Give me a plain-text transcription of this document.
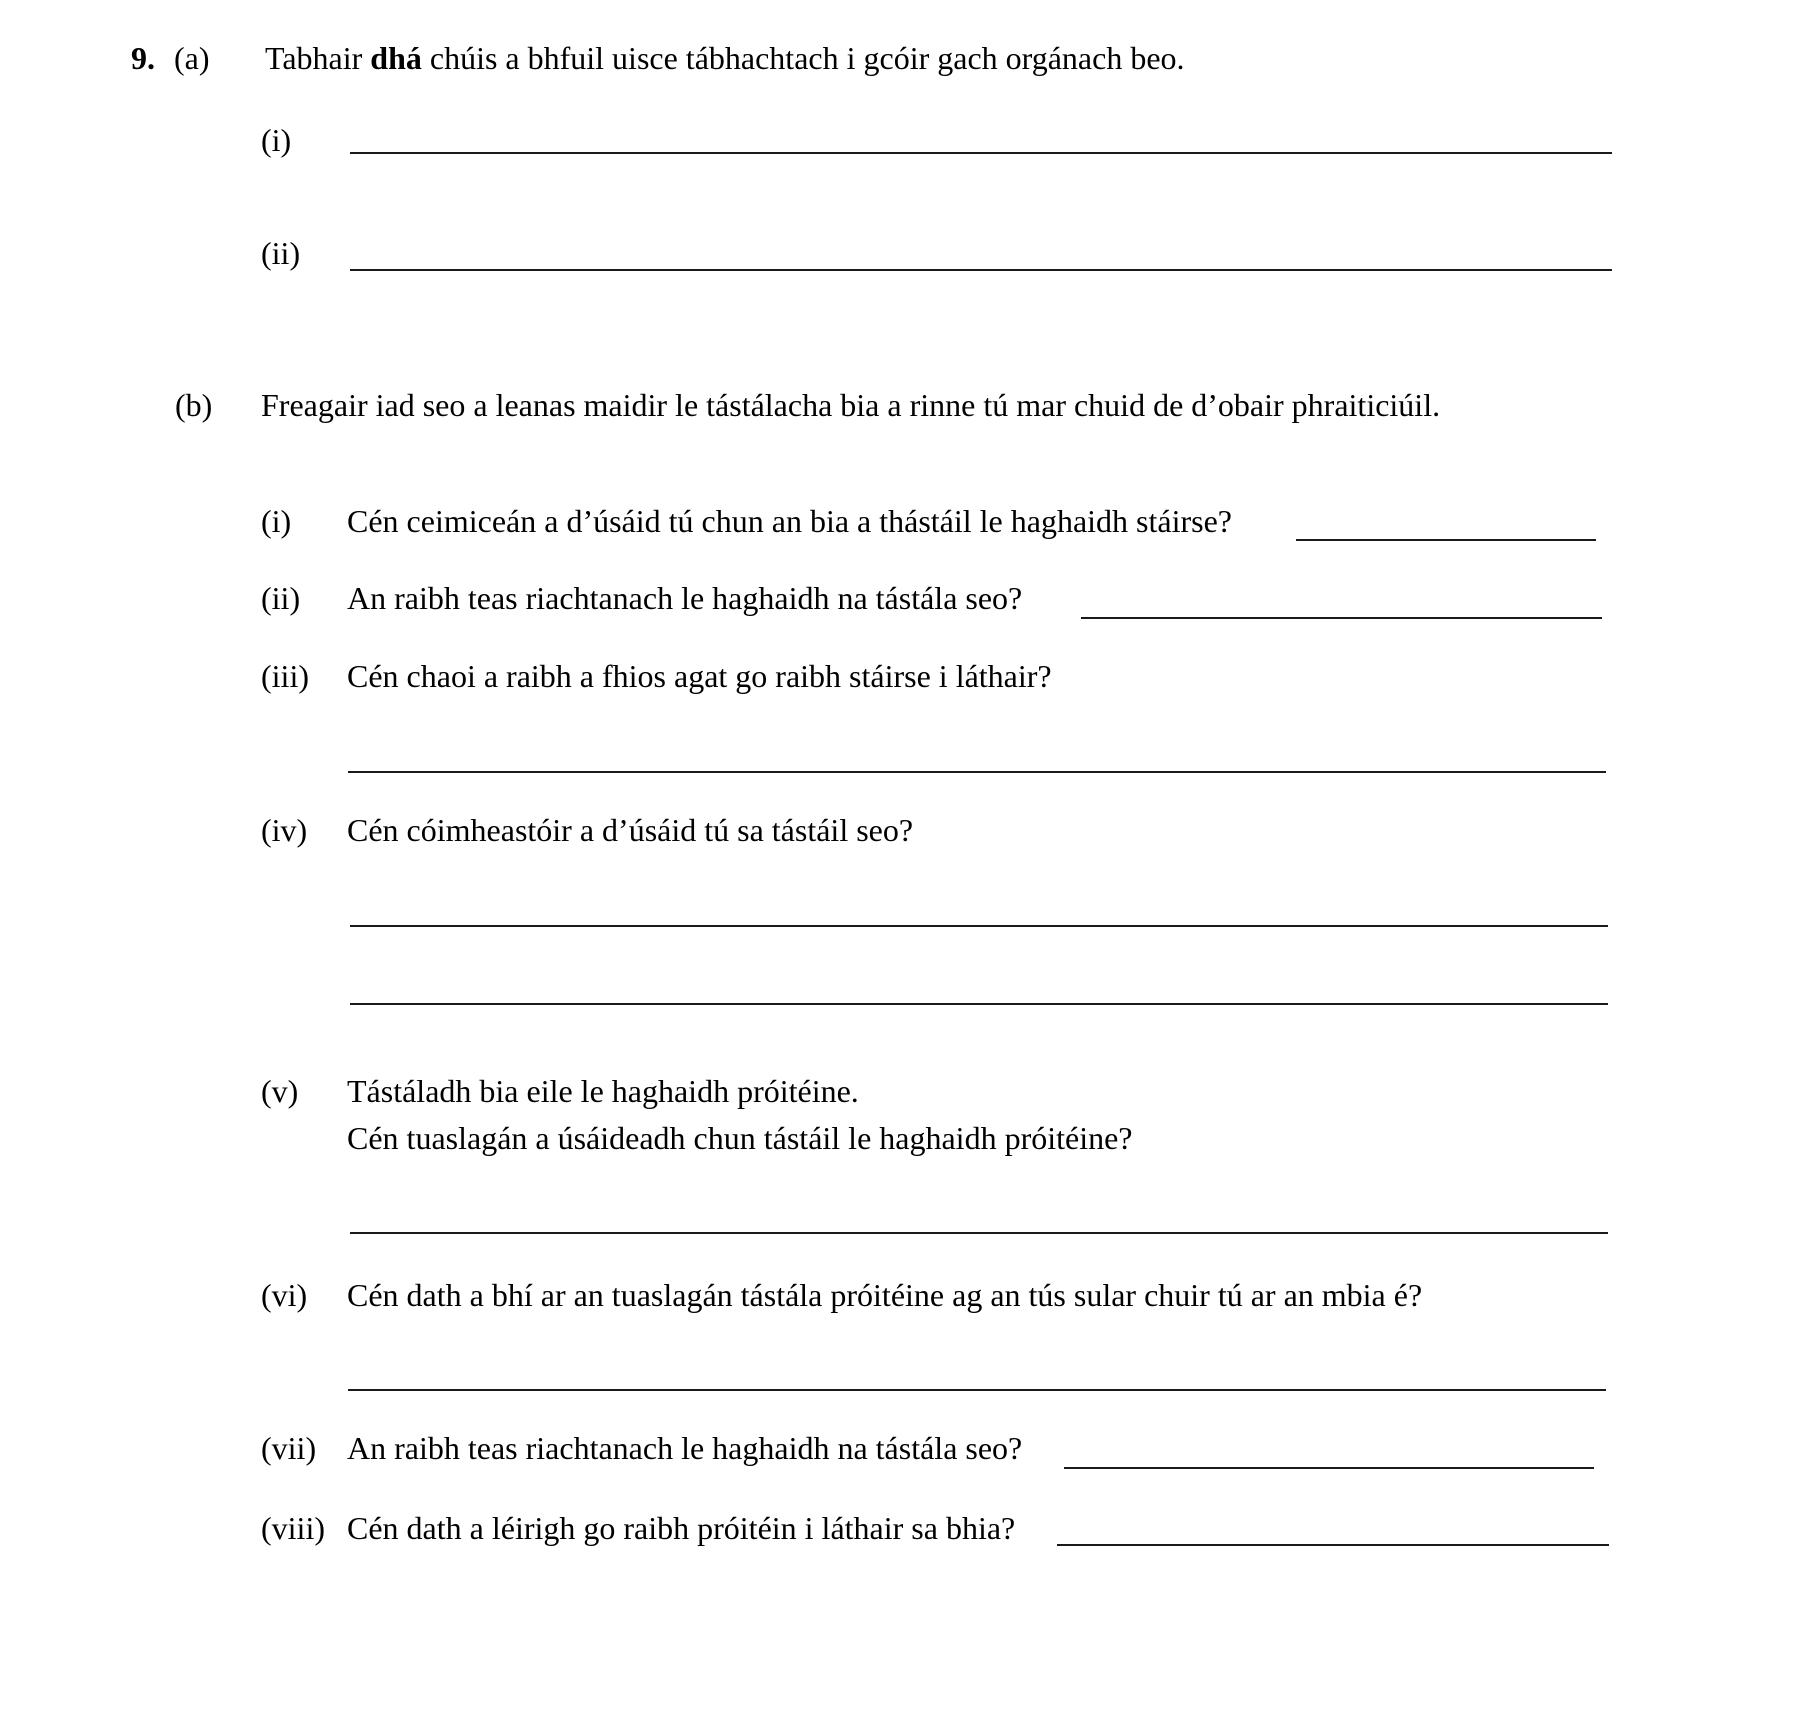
9. (a) Tabhair dhá chúis a bhfuil uisce tábhachtach i gcóir gach orgánach beo.
(i)
(ii)
(b) Freagair iad seo a leanas maidir le tástálacha bia a rinne tú mar chuid de d’obair phraiticiúil.
(i) Cén ceimiceán a d’úsáid tú chun an bia a thástáil le haghaidh stáirse?
(ii) An raibh teas riachtanach le haghaidh na tástála seo?
(iii) Cén chaoi a raibh a fhios agat go raibh stáirse i láthair?
(iv) Cén cóimheastóir a d’úsáid tú sa tástáil seo?
(v) Tástáladh bia eile le haghaidh próitéine.
Cén tuaslagán a úsáideadh chun tástáil le haghaidh próitéine?
(vi) Cén dath a bhí ar an tuaslagán tástála próitéine ag an tús sular chuir tú ar an mbia é?
(vii) An raibh teas riachtanach le haghaidh na tástála seo?
(viii) Cén dath a léirigh go raibh próitéin i láthair sa bhia?
